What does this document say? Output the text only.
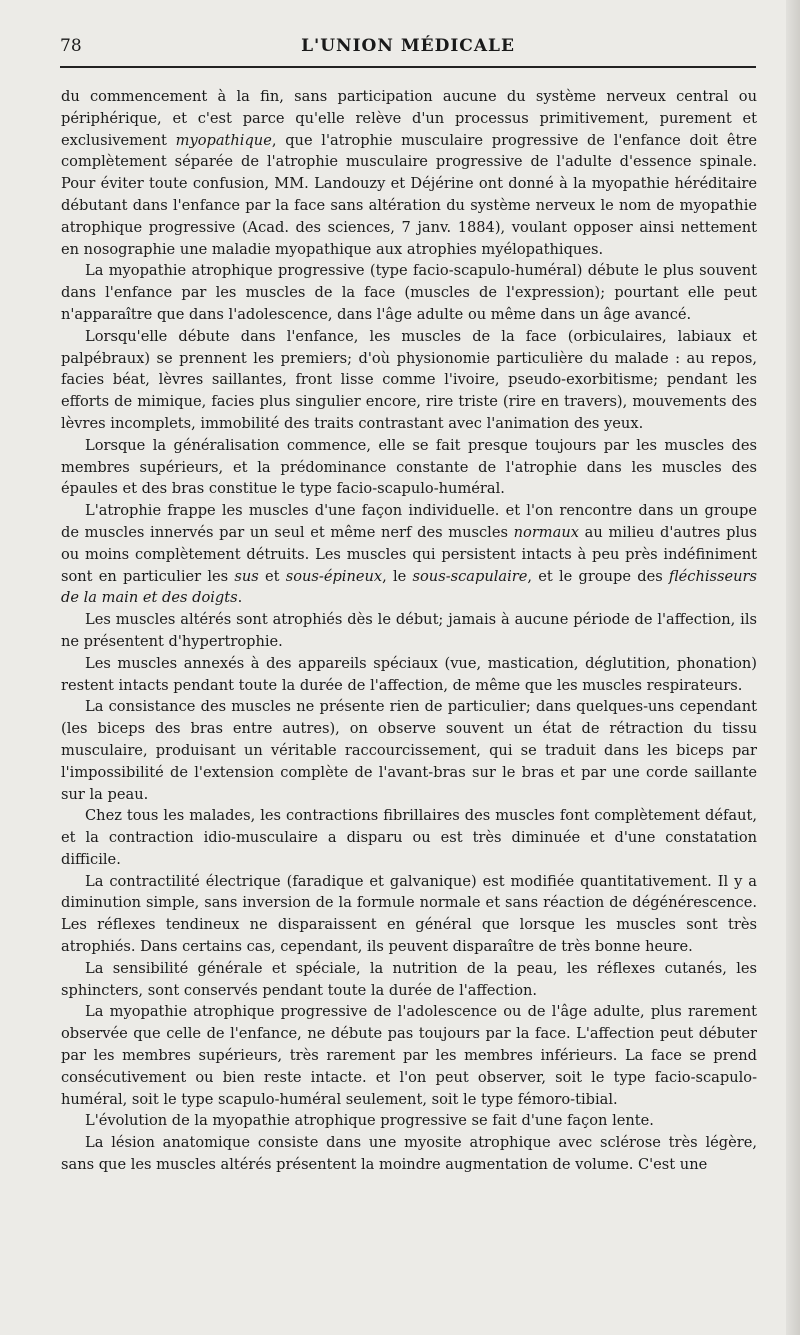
78	L'UNION MÉDICALE

du commencement à la fin, sans participation aucune du système nerveux central ou périphérique, et c'est parce qu'elle relève d'un processus primitivement, purement et exclusivement myopathique, que l'atrophie musculaire progressive de l'enfance doit être complètement séparée de l'atrophie musculaire progressive de l'adulte d'essence spinale. Pour éviter toute confusion, MM. Landouzy et Déjérine ont donné à la myopathie héréditaire débutant dans l'enfance par la face sans altération du système nerveux le nom de myopathie atrophique progressive (Acad. des sciences, 7 janv. 1884), voulant opposer ainsi nettement en nosographie une maladie myopathique aux atrophies myélopathiques.

La myopathie atrophique progressive (type facio-scapulo-huméral) débute le plus souvent dans l'enfance par les muscles de la face (muscles de l'expression); pourtant elle peut n'apparaître que dans l'adolescence, dans l'âge adulte ou même dans un âge avancé.

Lorsqu'elle débute dans l'enfance, les muscles de la face (orbiculaires, labiaux et palpébraux) se prennent les premiers; d'où physionomie particulière du malade : au repos, facies béat, lèvres saillantes, front lisse comme l'ivoire, pseudo-exorbitisme; pendant les efforts de mimique, facies plus singulier encore, rire triste (rire en travers), mouvements des lèvres incomplets, immobilité des traits contrastant avec l'animation des yeux.

Lorsque la généralisation commence, elle se fait presque toujours par les muscles des membres supérieurs, et la prédominance constante de l'atrophie dans les muscles des épaules et des bras constitue le type facio-scapulo-huméral.

L'atrophie frappe les muscles d'une façon individuelle. et l'on rencontre dans un groupe de muscles innervés par un seul et même nerf des muscles normaux au milieu d'autres plus ou moins complètement détruits. Les muscles qui persistent intacts à peu près indéfiniment sont en particulier les sus et sous-épineux, le sous-scapulaire, et le groupe des fléchisseurs de la main et des doigts.

Les muscles altérés sont atrophiés dès le début; jamais à aucune période de l'affection, ils ne présentent d'hypertrophie.

Les muscles annexés à des appareils spéciaux (vue, mastication, déglutition, phonation) restent intacts pendant toute la durée de l'affection, de même que les muscles respirateurs.

La consistance des muscles ne présente rien de particulier; dans quelques-uns cependant (les biceps des bras entre autres), on observe souvent un état de rétraction du tissu musculaire, produisant un véritable raccourcissement, qui se traduit dans les biceps par l'impossibilité de l'extension complète de l'avant-bras sur le bras et par une corde saillante sur la peau.

Chez tous les malades, les contractions fibrillaires des muscles font complètement défaut, et la contraction idio-musculaire a disparu ou est très diminuée et d'une constatation difficile.

La contractilité électrique (faradique et galvanique) est modifiée quantitativement. Il y a diminution simple, sans inversion de la formule normale et sans réaction de dégénérescence. Les réflexes tendineux ne disparaissent en général que lorsque les muscles sont très atrophiés. Dans certains cas, cependant, ils peuvent disparaître de très bonne heure.

La sensibilité générale et spéciale, la nutrition de la peau, les réflexes cutanés, les sphincters, sont conservés pendant toute la durée de l'affection.

La myopathie atrophique progressive de l'adolescence ou de l'âge adulte, plus rarement observée que celle de l'enfance, ne débute pas toujours par la face. L'affection peut débuter par les membres supérieurs, très rarement par les membres inférieurs. La face se prend consécutivement ou bien reste intacte. et l'on peut observer, soit le type facio-scapulo-huméral, soit le type scapulo-huméral seulement, soit le type fémoro-tibial.

L'évolution de la myopathie atrophique progressive se fait d'une façon lente.

La lésion anatomique consiste dans une myosite atrophique avec sclérose très légère, sans que les muscles altérés présentent la moindre augmentation de volume. C'est une
